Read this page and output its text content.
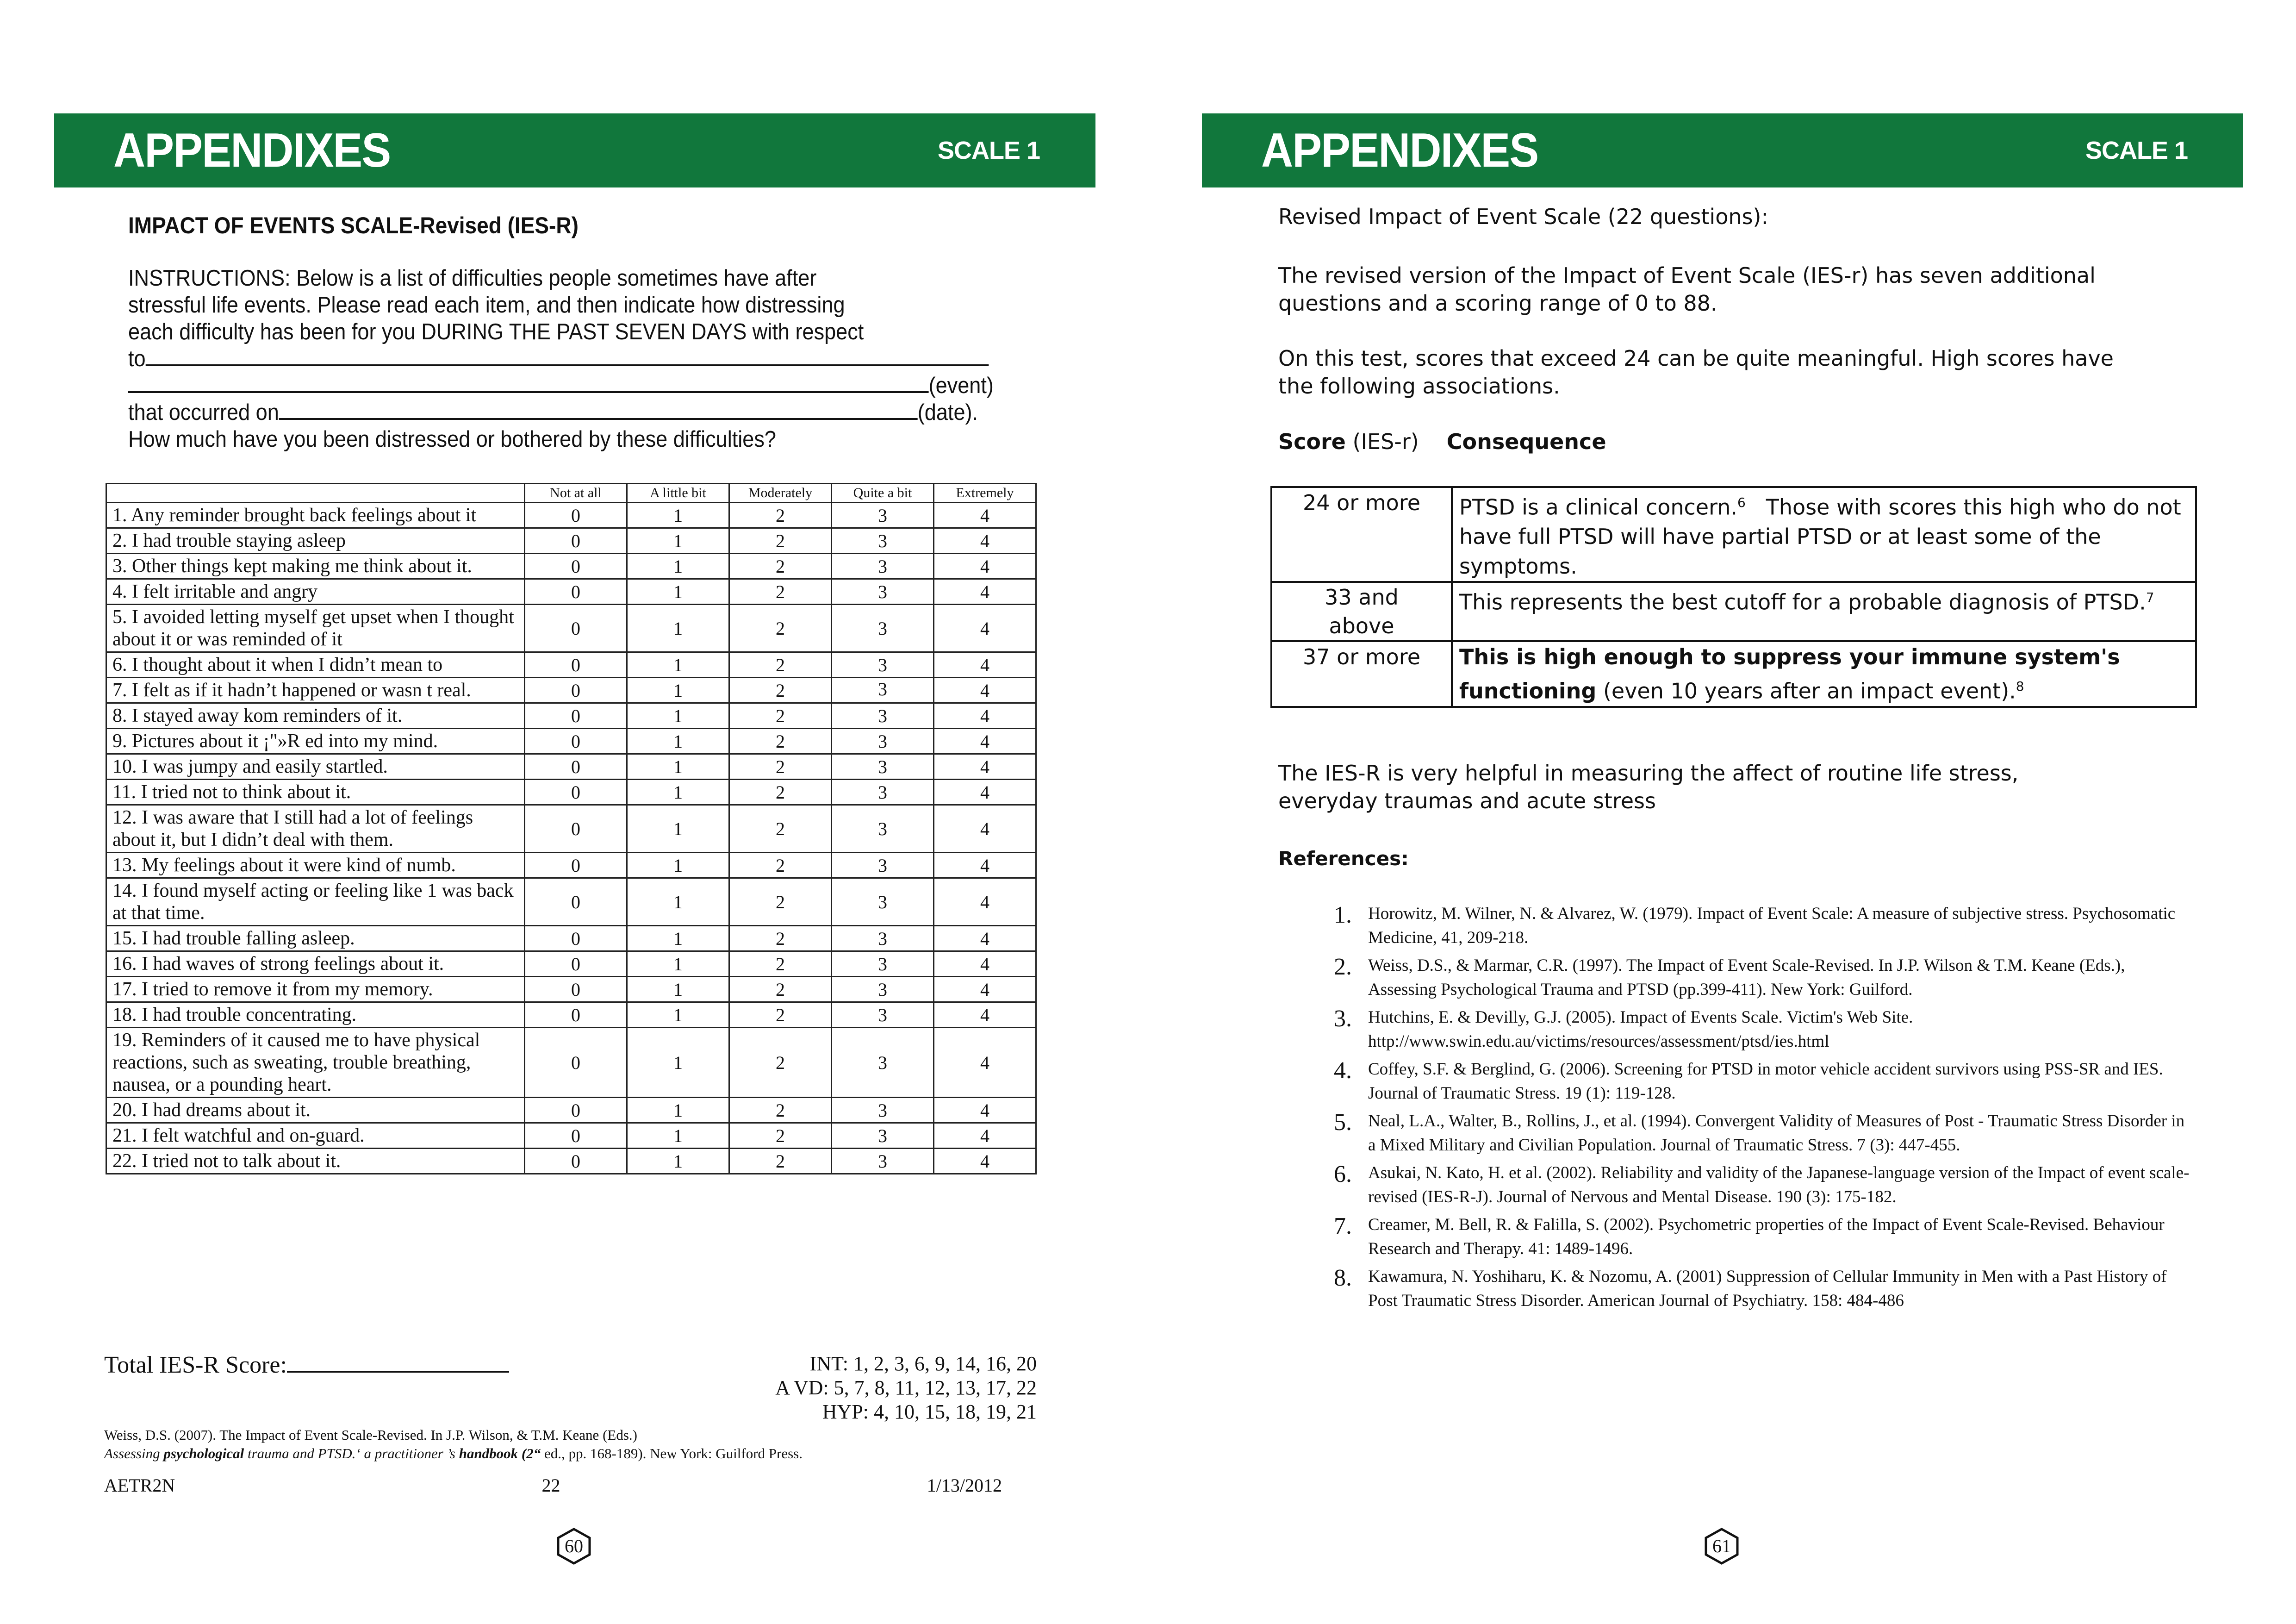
APPENDIXES	SCALE 1
IMPACT OF EVENTS SCALE-Revised (IES-R)
INSTRUCTIONS: Below is a list of difficulties people sometimes have after
stressful life events. Please read each item, and then indicate how distressing
each difficulty has been for you DURING THE PAST SEVEN DAYS with respect
to
(event)
that occurred on	(date).
How much have you been distressed or bothered by these difficulties?
	Not at all	A little bit	Moderately	Quite a bit	Extremely
1. Any reminder brought back feelings about it	0	1	2	3	4
2. I had trouble staying asleep	0	1	2	3	4
3. Other things kept making me think about it.	0	1	2	3	4
4. I felt irritable and angry	0	1	2	3	4
5. I avoided letting myself get upset when I thought about it or was reminded of it	0	1	2	3	4
6. I thought about it when I didn’t mean to	0	1	2	3	4
7. I felt as if it hadn’t happened or wasn t real.	0	1	2	3	4
8. I stayed away kom reminders of it.	0	1	2	3	4
9. Pictures about it ¡"»R ed into my mind.	0	1	2	3	4
10. I was jumpy and easily startled.	0	1	2	3	4
11. I tried not to think about it.	0	1	2	3	4
12. I was aware that I still had a lot of feelings about it, but I didn’t deal with them.	0	1	2	3	4
13. My feelings about it were kind of numb.	0	1	2	3	4
14. I found myself acting or feeling like 1 was back at that time.	0	1	2	3	4
15. I had trouble falling asleep.	0	1	2	3	4
16. I had waves of strong feelings about it.	0	1	2	3	4
17. I tried to remove it from my memory.	0	1	2	3	4
18. I had trouble concentrating.	0	1	2	3	4
19. Reminders of it caused me to have physical reactions, such as sweating, trouble breathing, nausea, or a pounding heart.	0	1	2	3	4
20. I had dreams about it.	0	1	2	3	4
21. I felt watchful and on-guard.	0	1	2	3	4
22. I tried not to talk about it.	0	1	2	3	4
Total IES-R Score:	INT: 1, 2, 3, 6, 9, 14, 16, 20
A VD: 5, 7, 8, 11, 12, 13, 17, 22
HYP: 4, 10, 15, 18, 19, 21
Weiss, D.S. (2007). The Impact of Event Scale-Revised. In J.P. Wilson, & T.M. Keane (Eds.)
Assessing psychological trauma and PTSD.‘ a practitioner ’s handbook (2“ ed., pp. 168-189). New York: Guilford Press.
AETR2N	22	1/13/2012
60
APPENDIXES	SCALE 1
Revised Impact of Event Scale (22 questions):
The revised version of the Impact of Event Scale (IES-r) has seven additional questions and a scoring range of 0 to 88.
On this test, scores that exceed 24 can be quite meaningful. High scores have the following associations.
Score (IES-r) Consequence
24 or more	PTSD is a clinical concern.$^6$   Those with scores this high who do not have full PTSD will have partial PTSD or at least some of the symptoms.
33 and above	This represents the best cutoff for a probable diagnosis of PTSD.$^7$
37 or more	This is high enough to suppress your immune system's functioning (even 10 years after an impact event).$^8$
The IES-R is very helpful in measuring the affect of routine life stress, everyday traumas and acute stress
References:
61
1. Horowitz, M. Wilner, N. & Alvarez, W. (1979). Impact of Event Scale: A measure of subjective stress. Psychosomatic Medicine, 41, 209-218.
2. Weiss, D.S., & Marmar, C.R. (1997). The Impact of Event Scale-Revised. In J.P. Wilson & T.M. Keane (Eds.), Assessing Psychological Trauma and PTSD (pp.399-411). New York: Guilford.
3. Hutchins, E. & Devilly, G.J. (2005). Impact of Events Scale. Victim's Web Site. http://www.swin.edu.au/victims/resources/assessment/ptsd/ies.html
4. Coffey, S.F. & Berglind, G. (2006). Screening for PTSD in motor vehicle accident survivors using PSS-SR and IES. Journal of Traumatic Stress. 19 (1): 119-128.
5. Neal, L.A., Walter, B., Rollins, J., et al. (1994). Convergent Validity of Measures of Post - Traumatic Stress Disorder in a Mixed Military and Civilian Population. Journal of Traumatic Stress. 7 (3): 447-455.
6. Asukai, N. Kato, H. et al. (2002). Reliability and validity of the Japanese-language version of the Impact of event scale-revised (IES-R-J). Journal of Nervous and Mental Disease. 190 (3): 175-182.
7. Creamer, M. Bell, R. & Falilla, S. (2002). Psychometric properties of the Impact of Event Scale-Revised. Behaviour Research and Therapy. 41: 1489-1496.
8. Kawamura, N. Yoshiharu, K. & Nozomu, A. (2001) Suppression of Cellular Immunity in Men with a Past History of Post Traumatic Stress Disorder. American Journal of Psychiatry. 158: 484-486
